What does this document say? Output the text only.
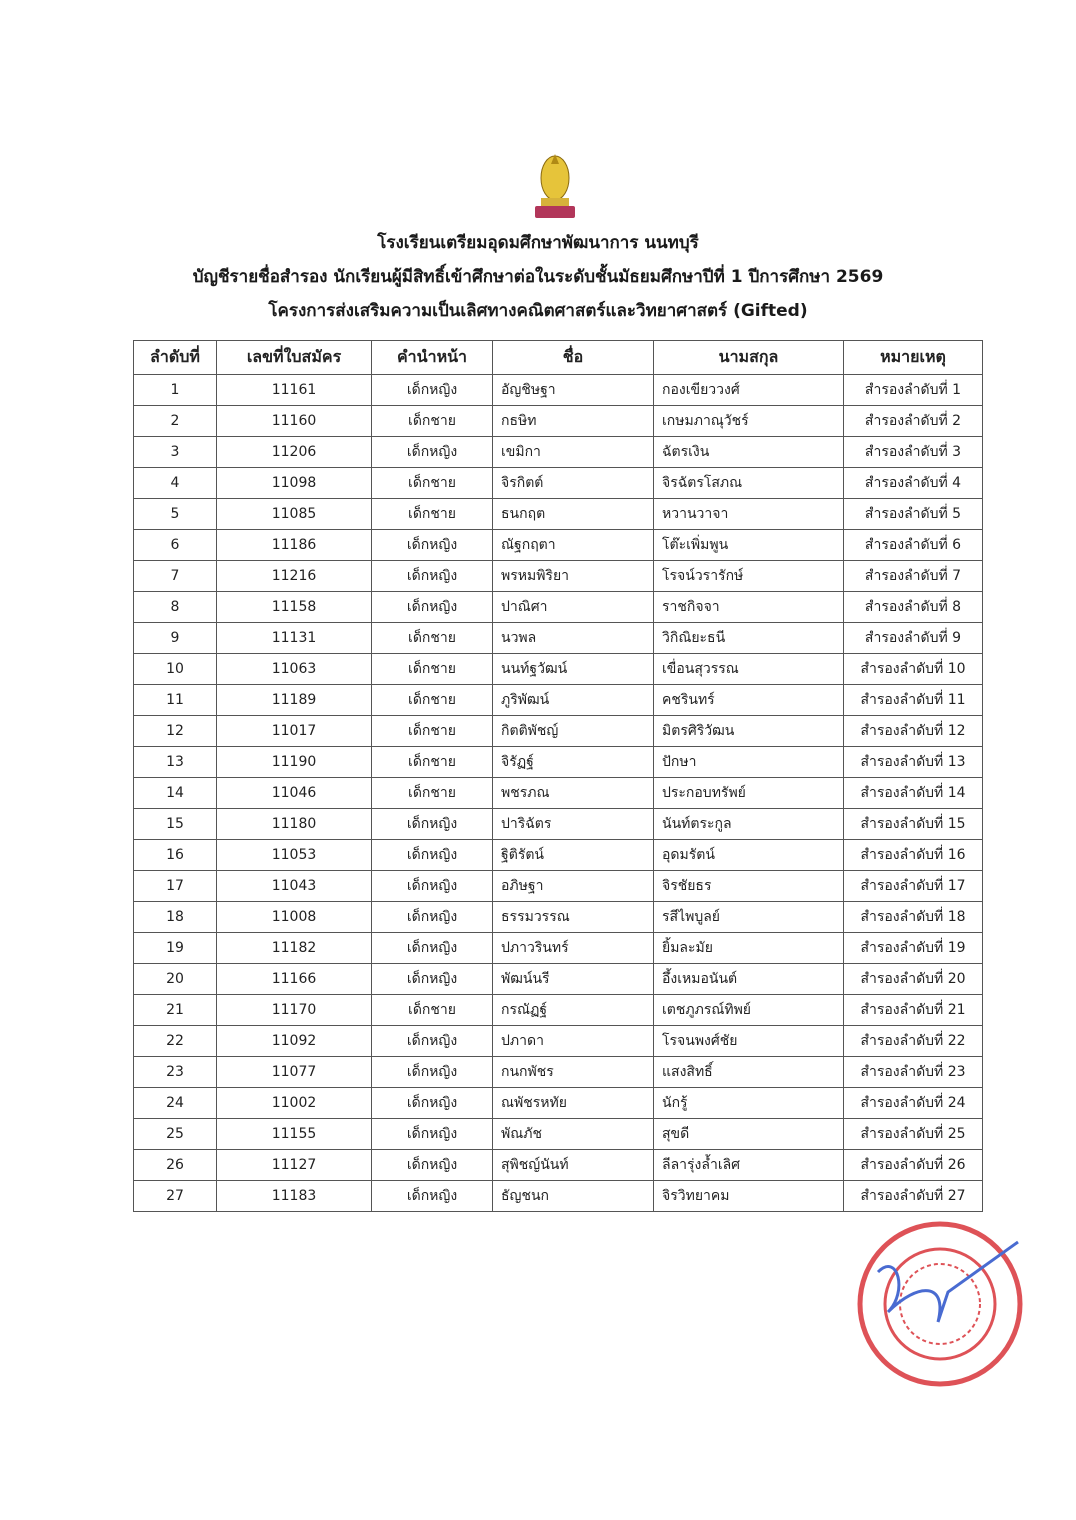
โรงเรียนเตรียมอุดมศึกษาพัฒนาการ นนทบุรี
บัญชีรายชื่อสำรอง นักเรียนผู้มีสิทธิ์เข้าศึกษาต่อในระดับชั้นมัธยมศึกษาปีที่ 1 ปีการศึกษา 2569
โครงการส่งเสริมความเป็นเลิศทางคณิตศาสตร์และวิทยาศาสตร์ (Gifted)
ลำดับที่	เลขที่ใบสมัคร	คำนำหน้า	ชื่อ	นามสกุล	หมายเหตุ
1	11161	เด็กหญิง	อัญชิษฐา	กองเขียววงศ์	สำรองลำดับที่ 1
2	11160	เด็กชาย	กธษิท	เกษมภาณุวัชร์	สำรองลำดับที่ 2
3	11206	เด็กหญิง	เขมิกา	ฉัตรเงิน	สำรองลำดับที่ 3
4	11098	เด็กชาย	จิรกิตต์	จิรฉัตรโสภณ	สำรองลำดับที่ 4
5	11085	เด็กชาย	ธนกฤต	หวานวาจา	สำรองลำดับที่ 5
6	11186	เด็กหญิง	ณัฐกฤตา	โต๊ะเพิ่มพูน	สำรองลำดับที่ 6
7	11216	เด็กหญิง	พรหมพิริยา	โรจน์วรารักษ์	สำรองลำดับที่ 7
8	11158	เด็กหญิง	ปาณิศา	ราชกิจจา	สำรองลำดับที่ 8
9	11131	เด็กชาย	นวพล	วิกิณิยะธนี	สำรองลำดับที่ 9
10	11063	เด็กชาย	นนท์ฐวัฒน์	เขื่อนสุวรรณ	สำรองลำดับที่ 10
11	11189	เด็กชาย	ภูริพัฒน์	คชรินทร์	สำรองลำดับที่ 11
12	11017	เด็กชาย	กิตติพัชญ์	มิตรศิริวัฒน	สำรองลำดับที่ 12
13	11190	เด็กชาย	จิรัฏฐ์	ปักษา	สำรองลำดับที่ 13
14	11046	เด็กชาย	พชรภณ	ประกอบทรัพย์	สำรองลำดับที่ 14
15	11180	เด็กหญิง	ปาริฉัตร	นันท์ตระกูล	สำรองลำดับที่ 15
16	11053	เด็กหญิง	ฐิติรัตน์	อุดมรัตน์	สำรองลำดับที่ 16
17	11043	เด็กหญิง	อภิษฐา	จิรชัยธร	สำรองลำดับที่ 17
18	11008	เด็กหญิง	ธรรมวรรณ	รสีไพบูลย์	สำรองลำดับที่ 18
19	11182	เด็กหญิง	ปภาวรินทร์	ยิ้มละมัย	สำรองลำดับที่ 19
20	11166	เด็กหญิง	พัฒน์นรี	อึ้งเหมอนันต์	สำรองลำดับที่ 20
21	11170	เด็กชาย	กรณัฏฐ์	เตชภูภรณ์ทิพย์	สำรองลำดับที่ 21
22	11092	เด็กหญิง	ปภาดา	โรจนพงศ์ชัย	สำรองลำดับที่ 22
23	11077	เด็กหญิง	กนกพัชร	แสงสิทธิ์	สำรองลำดับที่ 23
24	11002	เด็กหญิง	ณพัชรหทัย	นักรู้	สำรองลำดับที่ 24
25	11155	เด็กหญิง	พัณภัช	สุขดี	สำรองลำดับที่ 25
26	11127	เด็กหญิง	สุพิชญ์นันท์	ลีลารุ่งล้ำเลิศ	สำรองลำดับที่ 26
27	11183	เด็กหญิง	ธัญชนก	จิรวิทยาคม	สำรองลำดับที่ 27
